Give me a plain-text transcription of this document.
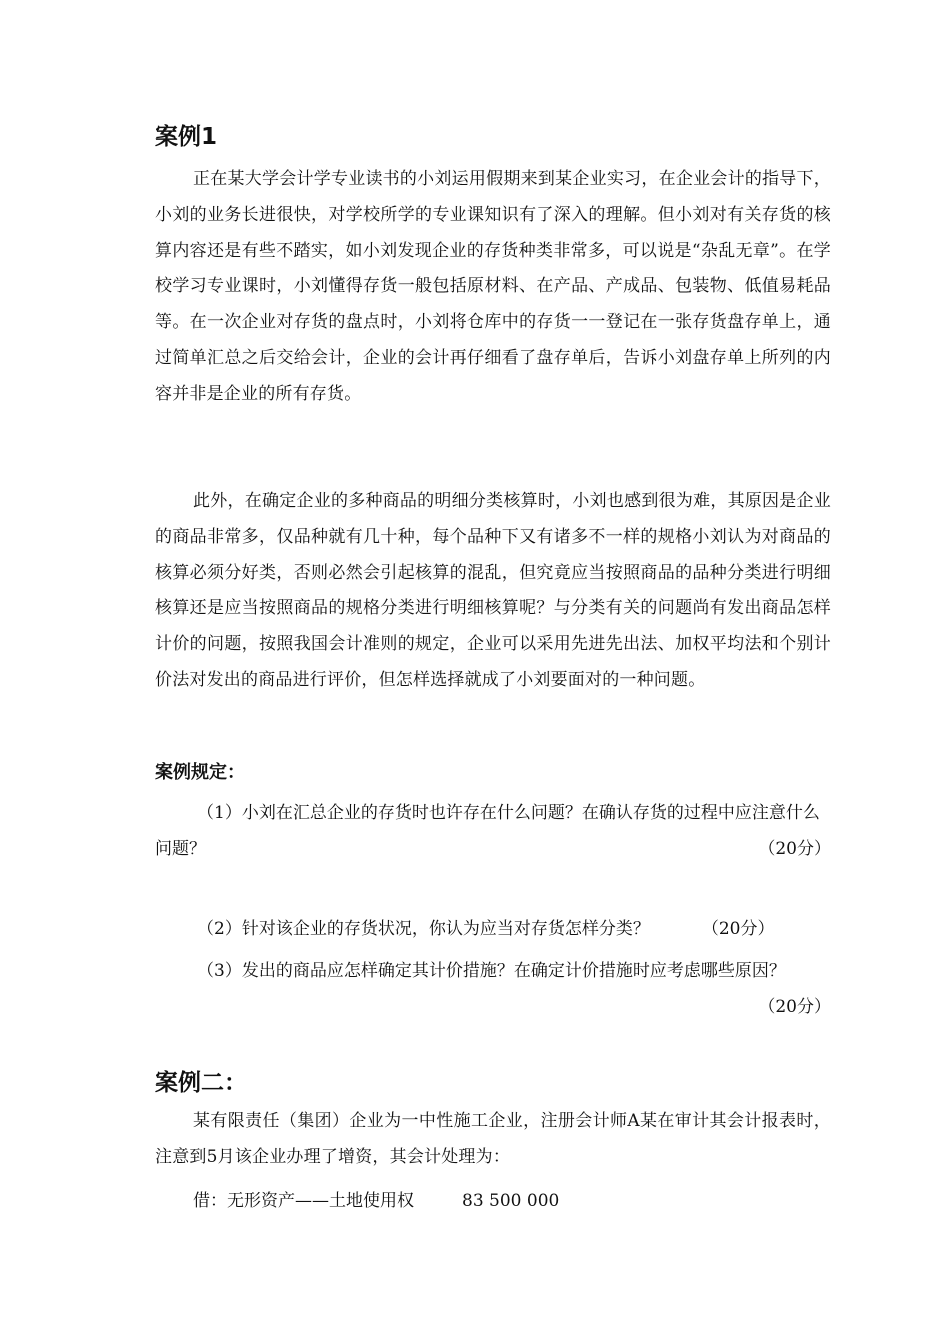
案例1

正在某大学会计学专业读书的小刘运用假期来到某企业实习，在企业会计的指导下，小刘的业务长进很快，对学校所学的专业课知识有了深入的理解。但小刘对有关存货的核算内容还是有些不踏实，如小刘发现企业的存货种类非常多，可以说是“杂乱无章”。在学校学习专业课时，小刘懂得存货一般包括原材料、在产品、产成品、包装物、低值易耗品等。在一次企业对存货的盘点时，小刘将仓库中的存货一一登记在一张存货盘存单上，通过简单汇总之后交给会计，企业的会计再仔细看了盘存单后，告诉小刘盘存单上所列的内容并非是企业的所有存货。

此外，在确定企业的多种商品的明细分类核算时，小刘也感到很为难，其原因是企业的商品非常多，仅品种就有几十种，每个品种下又有诸多不一样的规格小刘认为对商品的核算必须分好类，否则必然会引起核算的混乱，但究竟应当按照商品的品种分类进行明细核算还是应当按照商品的规格分类进行明细核算呢？与分类有关的问题尚有发出商品怎样计价的问题，按照我国会计准则的规定，企业可以采用先进先出法、加权平均法和个别计价法对发出的商品进行评价，但怎样选择就成了小刘要面对的一种问题。

案例规定：

（1）小刘在汇总企业的存货时也许存在什么问题？在确认存货的过程中应注意什么问题？	（20分）

（2）针对该企业的存货状况，你认为应当对存货怎样分类？	（20分）

（3）发出的商品应怎样确定其计价措施？在确定计价措施时应考虑哪些原因？
（20分）

案例二：

某有限责任（集团）企业为一中性施工企业，注册会计师A某在审计其会计报表时，注意到5月该企业办理了增资，其会计处理为：

借：无形资产——土地使用权	83 500 000
